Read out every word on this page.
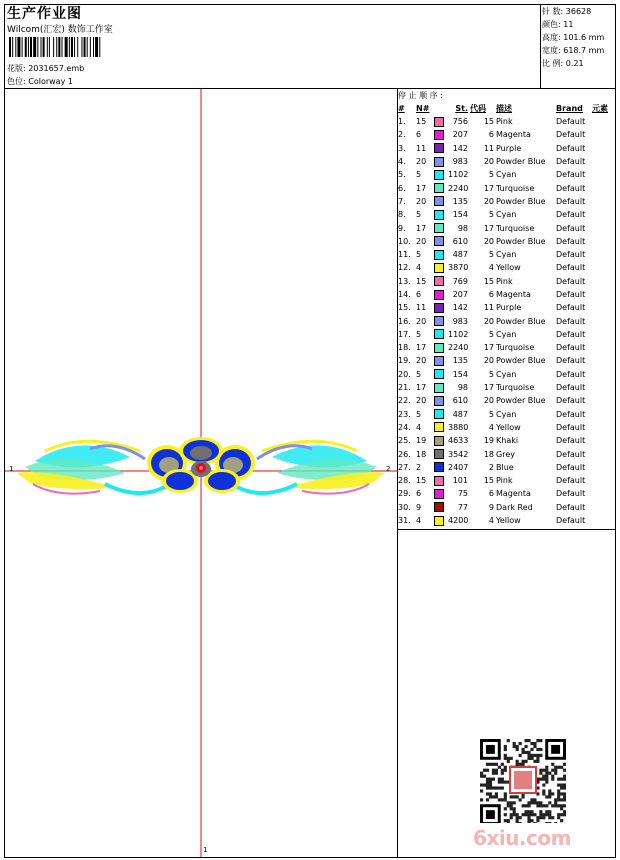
生产作业图
Wilcom(汇宏) 数饰工作室
花版: 2031657.emb
色位: Colorway 1
针 数: 36628
颜色: 11
高度: 101.6 mm
宽度: 618.7 mm
比 例: 0.21
停 止 顺 序 :
#	N#		St.	代码	描述	Brand	元素
1.	15		756	15	Pink	Default	
2.	6		207	6	Magenta	Default	
3.	11		142	11	Purple	Default	
4.	20		983	20	Powder Blue	Default	
5.	5		1102	5	Cyan	Default	
6.	17		2240	17	Turquoise	Default	
7.	20		135	20	Powder Blue	Default	
8.	5		154	5	Cyan	Default	
9.	17		98	17	Turquoise	Default	
10.	20		610	20	Powder Blue	Default	
11.	5		487	5	Cyan	Default	
12.	4		3870	4	Yellow	Default	
13.	15		769	15	Pink	Default	
14.	6		207	6	Magenta	Default	
15.	11		142	11	Purple	Default	
16.	20		983	20	Powder Blue	Default	
17.	5		1102	5	Cyan	Default	
18.	17		2240	17	Turquoise	Default	
19.	20		135	20	Powder Blue	Default	
20.	5		154	5	Cyan	Default	
21.	17		98	17	Turquoise	Default	
22.	20		610	20	Powder Blue	Default	
23.	5		487	5	Cyan	Default	
24.	4		3880	4	Yellow	Default	
25.	19		4633	19	Khaki	Default	
26.	18		3542	18	Grey	Default	
27.	2		2407	2	Blue	Default	
28.	15		101	15	Pink	Default	
29.	6		75	6	Magenta	Default	
30.	9		77	9	Dark Red	Default	
31.	4		4200	4	Yellow	Default	
1	2
1	6xiu.com
